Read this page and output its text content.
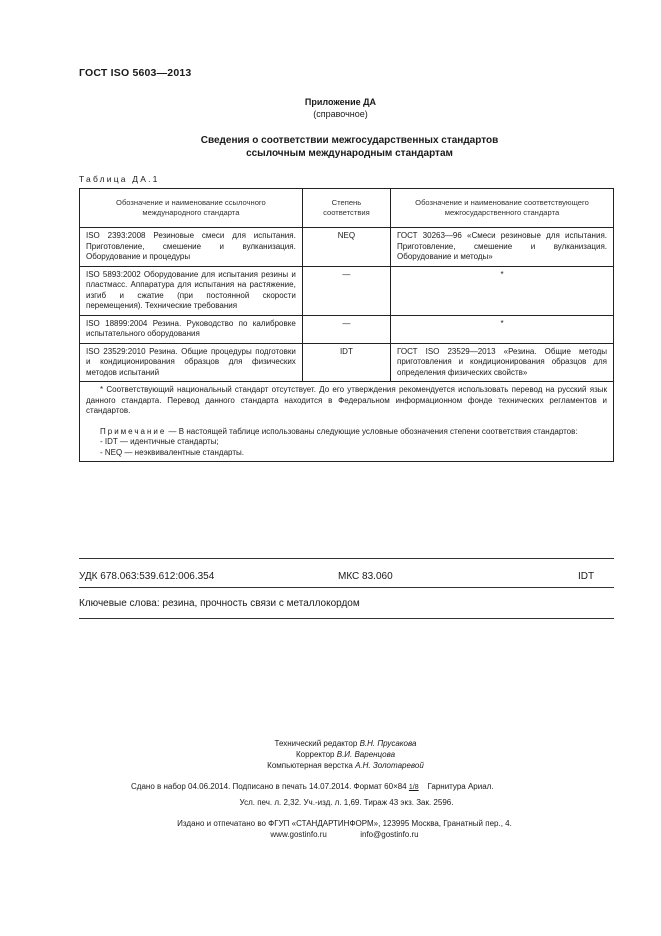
ГОСТ ISO 5603—2013
Приложение ДА
(справочное)
Сведения о соответствии межгосударственных стандартов
ссылочным международным стандартам
Таблица ДА.1
Обозначение и наименование ссылочного международного стандарта	Степень соответствия	Обозначение и наименование соответствующего межгосударственного стандарта
ISO 2393:2008 Резиновые смеси для испытания. Приготовление, смешение и вулканизация. Оборудование и процедуры	NEQ	ГОСТ 30263—96 «Смеси резиновые для испытания. Приготовление, смешение и вулканизация. Оборудование и методы»
ISO 5893:2002 Оборудование для испытания резины и пластмасс. Аппаратура для испытания на растяжение, изгиб и сжатие (при постоянной скорости перемещения). Технические требования	—	*
ISO 18899:2004 Резина. Руководство по калибровке испытательного оборудования	—	*
ISO 23529:2010 Резина. Общие процедуры подготовки и кондиционирования образцов для физических методов испытаний	IDT	ГОСТ ISO 23529—2013 «Резина. Общие методы приготовления и кондиционирования образцов для определения физических свойств»

* Соответствующий национальный стандарт отсутствует. До его утверждения рекомендуется использовать перевод на русский язык данного стандарта. Перевод данного стандарта находится в Федеральном информационном фонде технических регламентов и стандартов.

Примечание — В настоящей таблице использованы следующие условные обозначения степени соответствия стандартов:

- IDT — идентичные стандарты;
- NEQ — неэквивалентные стандарты.		
УДК 678.063:539.612:006.354	МКС 83.060	IDT
Ключевые слова: резина, прочность связи с металлокордом
Технический редактор В.Н. Прусакова
Корректор В.И. Варенцова
Компьютерная верстка А.Н. Золотаревой
Сдано в набор 04.06.2014. Подписано в печать 14.07.2014. Формат 60×84 1/8 Гарнитура Ариал.
Усл. печ. л. 2,32. Уч.-изд. л. 1,69. Тираж 43 экз. Зак. 2596.
Издано и отпечатано во ФГУП «СТАНДАРТИНФОРМ», 123995 Москва, Гранатный пер., 4.
www.gostinfo.ru	info@gostinfo.ru
